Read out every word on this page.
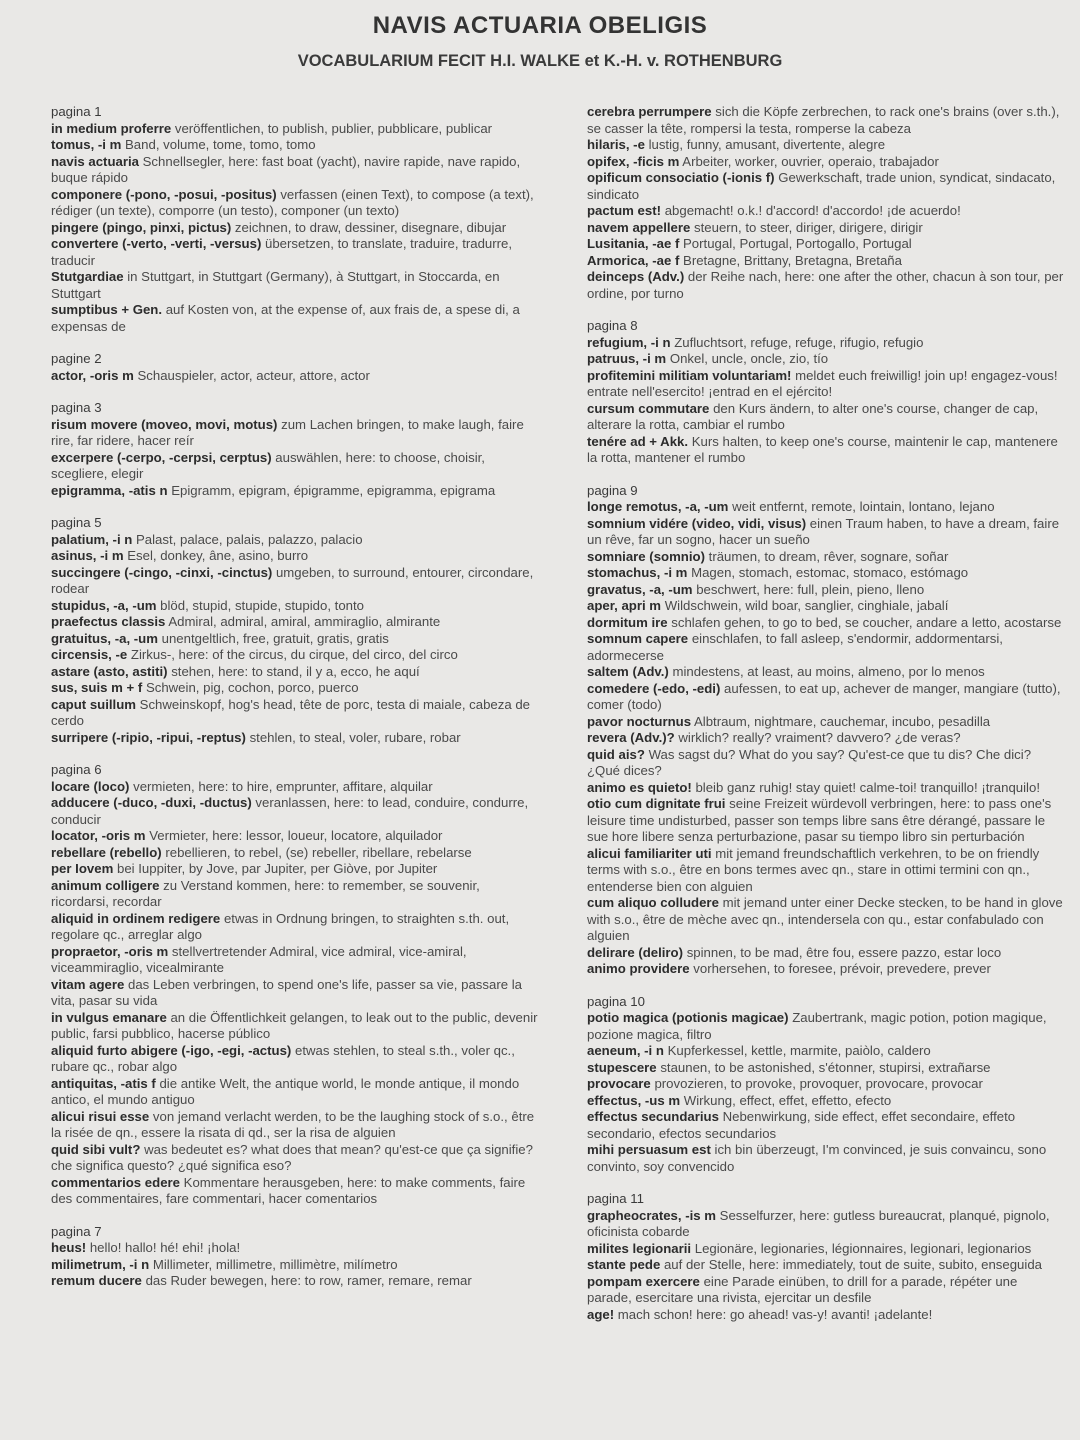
NAVIS ACTUARIA OBELIGIS
VOCABULARIUM FECIT H.I. WALKE et K.-H. v. ROTHENBURG
pagina 1
in medium proferre veröffentlichen, to publish, publier, pubblicare, publicar
tomus, -i m Band, volume, tome, tomo, tomo
navis actuaria Schnellsegler, here: fast boat (yacht), navire rapide, nave rapido, buque rápido
componere (-pono, -posui, -positus) verfassen (einen Text), to compose (a text), rédiger (un texte), comporre (un testo), componer (un texto)
pingere (pingo, pinxi, pictus) zeichnen, to draw, dessiner, disegnare, dibujar
convertere (-verto, -verti, -versus) übersetzen, to translate, traduire, tradurre, traducir
Stutgardiae in Stuttgart, in Stuttgart (Germany), à Stuttgart, in Stoccarda, en Stuttgart
sumptibus + Gen. auf Kosten von, at the expense of, aux frais de, a spese di, a expensas de
pagine 2
actor, -oris m Schauspieler, actor, acteur, attore, actor
pagina 3
risum movere (moveo, movi, motus) zum Lachen bringen, to make laugh, faire rire, far ridere, hacer reír
excerpere (-cerpo, -cerpsi, cerptus) auswählen, here: to choose, choisir, scegliere, elegir
epigramma, -atis n Epigramm, epigram, épigramme, epigramma, epigrama
pagina 5
palatium, -i n Palast, palace, palais, palazzo, palacio
asinus, -i m Esel, donkey, âne, asino, burro
succingere (-cingo, -cinxi, -cinctus) umgeben, to surround, entourer, circondare, rodear
stupidus, -a, -um blöd, stupid, stupide, stupido, tonto
praefectus classis Admiral, admiral, amiral, ammiraglio, almirante
gratuitus, -a, -um unentgeltlich, free, gratuit, gratis, gratis
circensis, -e Zirkus-, here: of the circus, du cirque, del circo, del circo
astare (asto, astiti) stehen, here: to stand, il y a, ecco, he aquí
sus, suis m + f Schwein, pig, cochon, porco, puerco
caput suillum Schweinskopf, hog's head, tête de porc, testa di maiale, cabeza de cerdo
surripere (-ripio, -ripui, -reptus) stehlen, to steal, voler, rubare, robar
pagina 6
locare (loco) vermieten, here: to hire, emprunter, affitare, alquilar
adducere (-duco, -duxi, -ductus) veranlassen, here: to lead, conduire, condurre, conducir
locator, -oris m Vermieter, here: lessor, loueur, locatore, alquilador
rebellare (rebello) rebellieren, to rebel, (se) rebeller, ribellare, rebelarse
per Iovem bei Iuppiter, by Jove, par Jupiter, per Giòve, por Jupiter
animum colligere zu Verstand kommen, here: to remember, se souvenir, ricordarsi, recordar
aliquid in ordinem redigere etwas in Ordnung bringen, to straighten s.th. out, regolare qc., arreglar algo
propraetor, -oris m stellvertretender Admiral, vice admiral, vice-amiral, viceammiraglio, vicealmirante
vitam agere das Leben verbringen, to spend one's life, passer sa vie, passare la vita, pasar su vida
in vulgus emanare an die Öffentlichkeit gelangen, to leak out to the public, devenir public, farsi pubblico, hacerse público
aliquid furto abigere (-igo, -egi, -actus) etwas stehlen, to steal s.th., voler qc., rubare qc., robar algo
antiquitas, -atis f die antike Welt, the antique world, le monde antique, il mondo antico, el mundo antiguo
alicui risui esse von jemand verlacht werden, to be the laughing stock of s.o., être la risée de qn., essere la risata di qd., ser la risa de alguien
quid sibi vult? was bedeutet es? what does that mean? qu'est-ce que ça signifie? che significa questo? ¿qué significa eso?
commentarios edere Kommentare herausgeben, here: to make comments, faire des commentaires, fare commentari, hacer comentarios
pagina 7
heus! hello! hallo! hé! ehi! ¡hola!
milimetrum, -i n Millimeter, millimetre, millimètre, milímetro
remum ducere das Ruder bewegen, here: to row, ramer, remare, remar
cerebra perrumpere sich die Köpfe zerbrechen, to rack one's brains (over s.th.), se casser la tête, rompersi la testa, romperse la cabeza
hilaris, -e lustig, funny, amusant, divertente, alegre
opifex, -ficis m Arbeiter, worker, ouvrier, operaio, trabajador
opificum consociatio (-ionis f) Gewerkschaft, trade union, syndicat, sindacato, sindicato
pactum est! abgemacht! o.k.! d'accord! d'accordo! ¡de acuerdo!
navem appellere steuern, to steer, diriger, dirigere, dirigir
Lusitania, -ae f Portugal, Portugal, Portogallo, Portugal
Armorica, -ae f Bretagne, Brittany, Bretagna, Bretaña
deinceps (Adv.) der Reihe nach, here: one after the other, chacun à son tour, per ordine, por turno
pagina 8
refugium, -i n Zufluchtsort, refuge, refuge, rifugio, refugio
patruus, -i m Onkel, uncle, oncle, zio, tío
profitemini militiam voluntariam! meldet euch freiwillig! join up! engagez-vous! entrate nell'esercito! ¡entrad en el ejército!
cursum commutare den Kurs ändern, to alter one's course, changer de cap, alterare la rotta, cambiar el rumbo
tenére ad + Akk. Kurs halten, to keep one's course, maintenir le cap, mantenere la rotta, mantener el rumbo
pagina 9
longe remotus, -a, -um weit entfernt, remote, lointain, lontano, lejano
somnium vidére (video, vidi, visus) einen Traum haben, to have a dream, faire un rêve, far un sogno, hacer un sueño
somniare (somnio) träumen, to dream, rêver, sognare, soñar
stomachus, -i m Magen, stomach, estomac, stomaco, estómago
gravatus, -a, -um beschwert, here: full, plein, pieno, lleno
aper, apri m Wildschwein, wild boar, sanglier, cinghiale, jabalí
dormitum ire schlafen gehen, to go to bed, se coucher, andare a letto, acostarse
somnum capere einschlafen, to fall asleep, s'endormir, addormentarsi, adormecerse
saltem (Adv.) mindestens, at least, au moins, almeno, por lo menos
comedere (-edo, -edi) aufessen, to eat up, achever de manger, mangiare (tutto), comer (todo)
pavor nocturnus Albtraum, nightmare, cauchemar, incubo, pesadilla
revera (Adv.)? wirklich? really? vraiment? davvero? ¿de veras?
quid ais? Was sagst du? What do you say? Qu'est-ce que tu dis? Che dici? ¿Qué dices?
animo es quieto! bleib ganz ruhig! stay quiet! calme-toi! tranquillo! ¡tranquilo!
otio cum dignitate frui seine Freizeit würdevoll verbringen, here: to pass one's leisure time undisturbed, passer son temps libre sans être dérangé, passare le sue hore libere senza perturbazione, pasar su tiempo libro sin perturbación
alicui familiariter uti mit jemand freundschaftlich verkehren, to be on friendly terms with s.o., être en bons termes avec qn., stare in ottimi termini con qn., entenderse bien con alguien
cum aliquo colludere mit jemand unter einer Decke stecken, to be hand in glove with s.o., être de mèche avec qn., intendersela con qu., estar confabulado con alguien
delirare (deliro) spinnen, to be mad, être fou, essere pazzo, estar loco
animo providere vorhersehen, to foresee, prévoir, prevedere, prever
pagina 10
potio magica (potionis magicae) Zaubertrank, magic potion, potion magique, pozione magica, filtro
aeneum, -i n Kupferkessel, kettle, marmite, paiòlo, caldero
stupescere staunen, to be astonished, s'étonner, stupirsi, extrañarse
provocare provozieren, to provoke, provoquer, provocare, provocar
effectus, -us m Wirkung, effect, effet, effetto, efecto
effectus secundarius Nebenwirkung, side effect, effet secondaire, effeto secondario, efectos secundarios
mihi persuasum est ich bin überzeugt, I'm convinced, je suis convaincu, sono convinto, soy convencido
pagina 11
grapheocrates, -is m Sesselfurzer, here: gutless bureaucrat, planqué, pignolo, oficinista cobarde
milites legionarii Legionäre, legionaries, légionnaires, legionari, legionarios
stante pede auf der Stelle, here: immediately, tout de suite, subito, enseguida
pompam exercere eine Parade einüben, to drill for a parade, répéter une parade, esercitare una rivista, ejercitar un desfile
age! mach schon! here: go ahead! vas-y! avanti! ¡adelante!
